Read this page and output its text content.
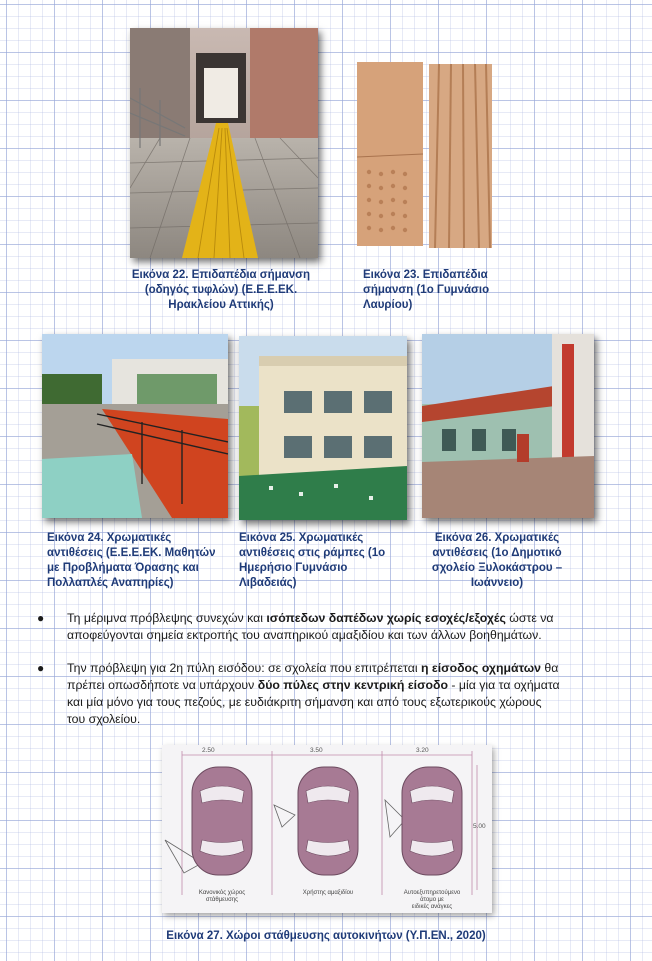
Εικόνα 22. Επιδαπέδια σήμανση
(οδηγός τυφλών) (Ε.Ε.Ε.ΕΚ.
Ηρακλείου Αττικής)
Εικόνα 23. Επιδαπέδια
σήμανση (1ο Γυμνάσιο
Λαυρίου)
Εικόνα 24. Χρωματικές
αντιθέσεις (Ε.Ε.Ε.ΕΚ. Μαθητών
με Προβλήματα Όρασης και
Πολλαπλές Αναπηρίες)
Εικόνα 25. Χρωματικές
αντιθέσεις στις ράμπες (1ο
Ημερήσιο Γυμνάσιο
Λιβαδειάς)
Εικόνα 26. Χρωματικές
αντιθέσεις (1ο Δημοτικό
σχολείο Ξυλοκάστρου –
Ιωάννειο)
● Τη μέριμνα πρόβλεψης συνεχών και ισόπεδων δαπέδων χωρίς εσοχές/εξοχές ώστε να
αποφεύγονται σημεία εκτροπής του αναπηρικού αμαξιδίου και των άλλων βοηθημάτων.
● Την πρόβλεψη για 2η πύλη εισόδου: σε σχολεία που επιτρέπεται η είσοδος οχημάτων θα
πρέπει οπωσδήποτε να υπάρχουν δύο πύλες στην κεντρική είσοδο - μία για τα οχήματα
και μία μόνο για τους πεζούς, με ευδιάκριτη σήμανση και από τους εξωτερικούς χώρους
του σχολείου.
2.50	3.50	3.20
5.00
Κανονικός χώρος
στάθμευσης
Χρήστης αμαξιδίου	Αυτοεξυπηρετούμενο
άτομο με
ειδικές ανάγκες
Εικόνα 27. Χώροι στάθμευσης αυτοκινήτων (Υ.Π.ΕΝ., 2020)
